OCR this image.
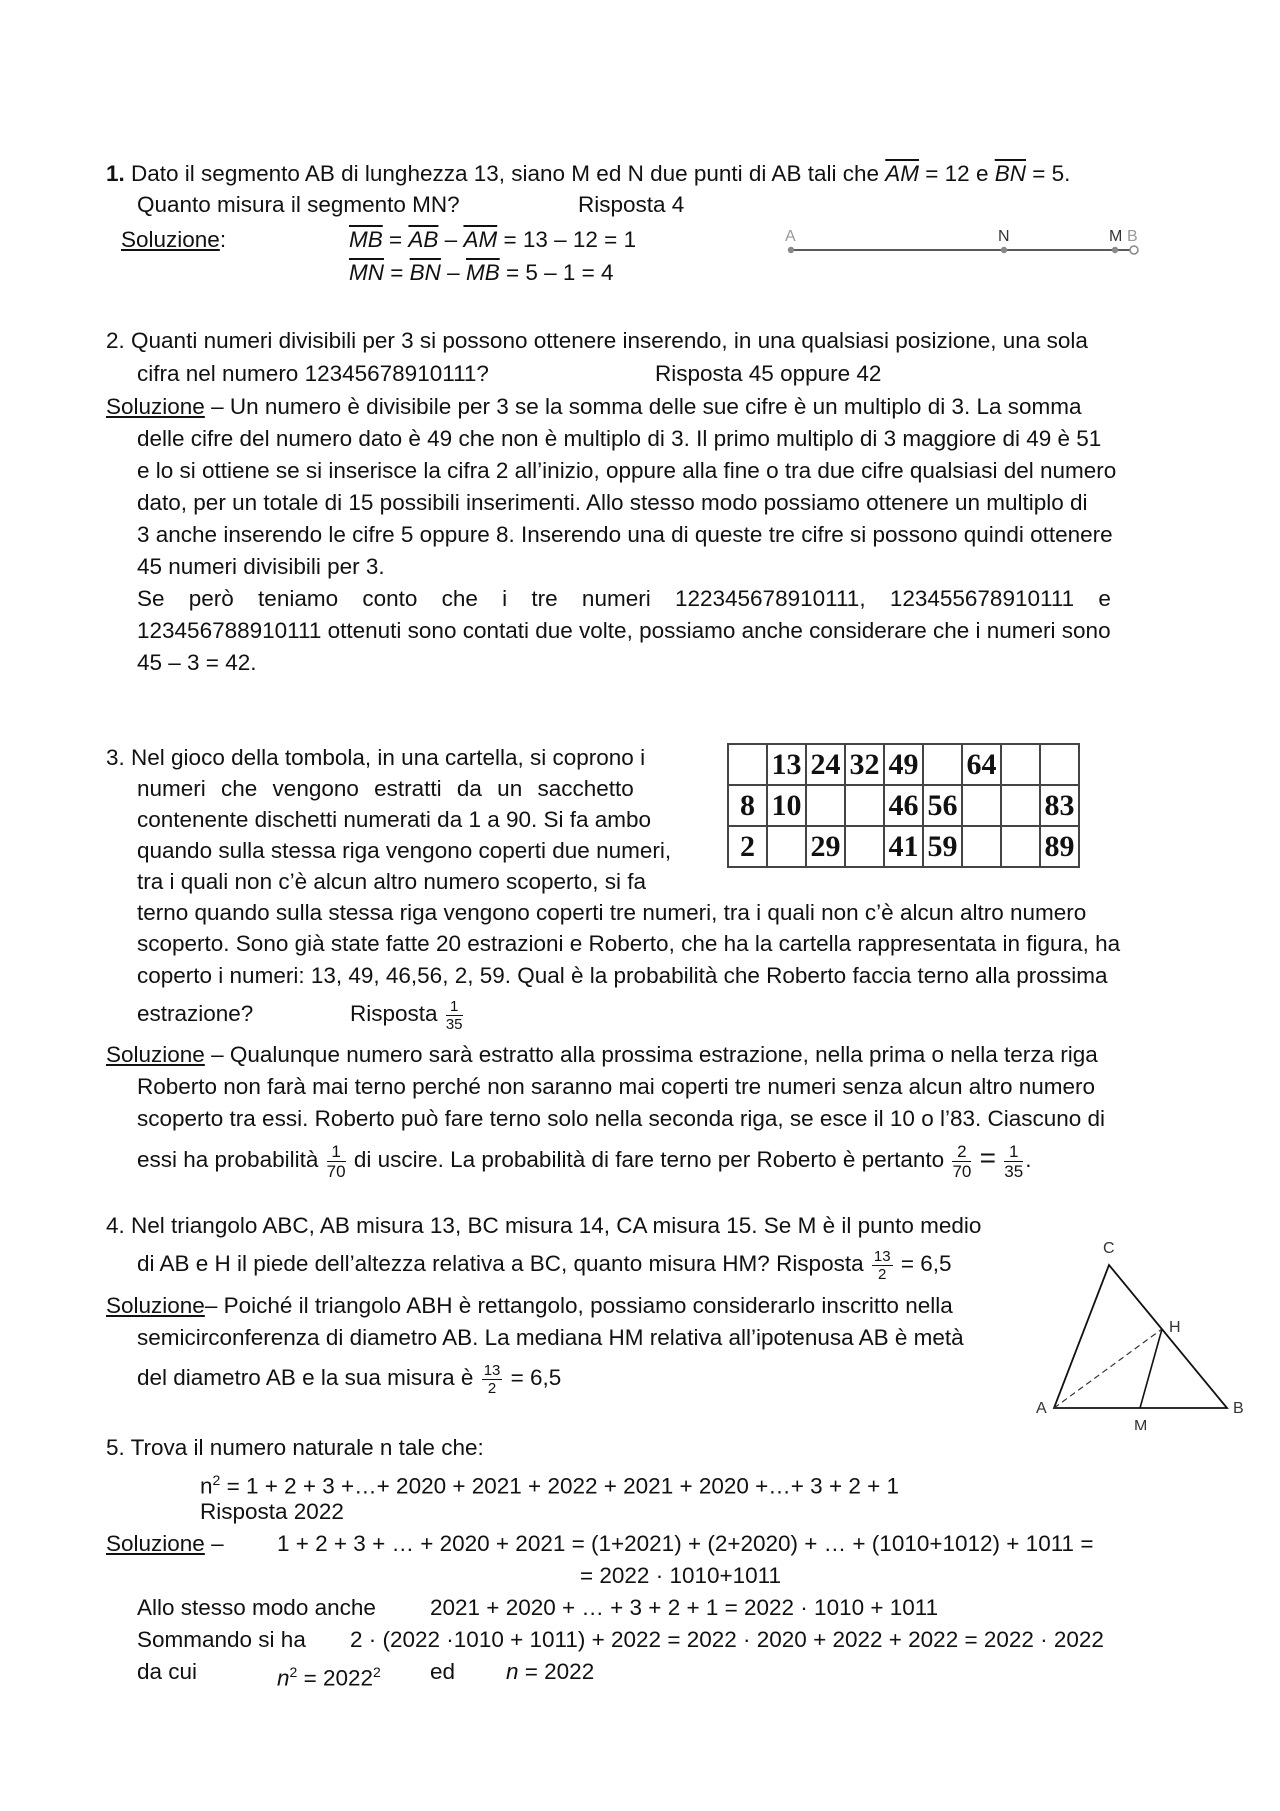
1. Dato il segmento AB di lunghezza 13, siano M ed N due punti di AB tali che $\overline{AM} = 12$ e $\overline{BN} = 5$.
Quanto misura il segmento MN?	Risposta 4
Soluzione:	$\overline{MB} = \overline{AB} - \overline{AM} = 13 - 12 = 1$
$\overline{MN} = \overline{BN} - \overline{MB} = 5 - 1 = 4$
A	N	M B
2. Quanti numeri divisibili per 3 si possono ottenere inserendo, in una qualsiasi posizione, una sola
cifra nel numero 12345678910111?	Risposta 45 oppure 42
Soluzione – Un numero è divisibile per 3 se la somma delle sue cifre è un multiplo di 3. La somma
delle cifre del numero dato è 49 che non è multiplo di 3. Il primo multiplo di 3 maggiore di 49 è 51
e lo si ottiene se si inserisce la cifra 2 all’inizio, oppure alla fine o tra due cifre qualsiasi del numero
dato, per un totale di 15 possibili inserimenti. Allo stesso modo possiamo ottenere un multiplo di
3 anche inserendo le cifre 5 oppure 8. Inserendo una di queste tre cifre si possono quindi ottenere
45 numeri divisibili per 3.
Se però teniamo conto che i tre numeri 122345678910111, 123455678910111 e
123456788910111 ottenuti sono contati due volte, possiamo anche considerare che i numeri sono
45 – 3 = 42.
3. Nel gioco della tombola, in una cartella, si coprono i
numeri che vengono estratti da un sacchetto
contenente dischetti numerati da 1 a 90. Si fa ambo
quando sulla stessa riga vengono coperti due numeri,
tra i quali non c’è alcun altro numero scoperto, si fa
terno quando sulla stessa riga vengono coperti tre numeri, tra i quali non c’è alcun altro numero
scoperto. Sono già state fatte 20 estrazioni e Roberto, che ha la cartella rappresentata in figura, ha
coperto i numeri: 13, 49, 46,56, 2, 59. Qual è la probabilità che Roberto faccia terno alla prossima
estrazione?	Risposta $\frac{1}{35}$
	13	24	32	49		64		
8	10			46	56			83
2		29		41	59			89
Soluzione – Qualunque numero sarà estratto alla prossima estrazione, nella prima o nella terza riga
Roberto non farà mai terno perché non saranno mai coperti tre numeri senza alcun altro numero
scoperto tra essi. Roberto può fare terno solo nella seconda riga, se esce il 10 o l’83. Ciascuno di
essi ha probabilità $\frac{1}{70}$ di uscire. La probabilità di fare terno per Roberto è pertanto $\frac{2}{70} = \frac{1}{35}$ .
4. Nel triangolo ABC, AB misura 13, BC misura 14, CA misura 15. Se M è il punto medio
di AB e H il piede dell’altezza relativa a BC, quanto misura HM? Risposta $\frac{13}{2} = 6,5$
Soluzione– Poiché il triangolo ABH è rettangolo, possiamo considerarlo inscritto nella
semicirconferenza di diametro AB. La mediana HM relativa all’ipotenusa AB è metà
del diametro AB e la sua misura è $\frac{13}{2} = 6,5$
C
H
A
M
B
5. Trova il numero naturale n tale che:
$n^2 = 1 + 2 + 3$ +…+ 2020 + 2021 + 2022 + 2021 + 2020 +…+ 3 + 2 + 1
Risposta 2022
Soluzione – 1 + 2 + 3 + … + 2020 + 2021 = (1+2021) + (2+2020) + … + (1010+1012) + 1011 =
= 2022 · 1010+1011
Allo stesso modo anche 2021 + 2020 + … + 3 + 2 + 1 = 2022 · 1010 + 1011
Sommando si ha 2 · (2022 ·1010 + 1011) + 2022 = 2022 · 2020 + 2022 + 2022 = 2022 · 2022
da cui	$n^2 = 2022^2$ ed n = 2022
